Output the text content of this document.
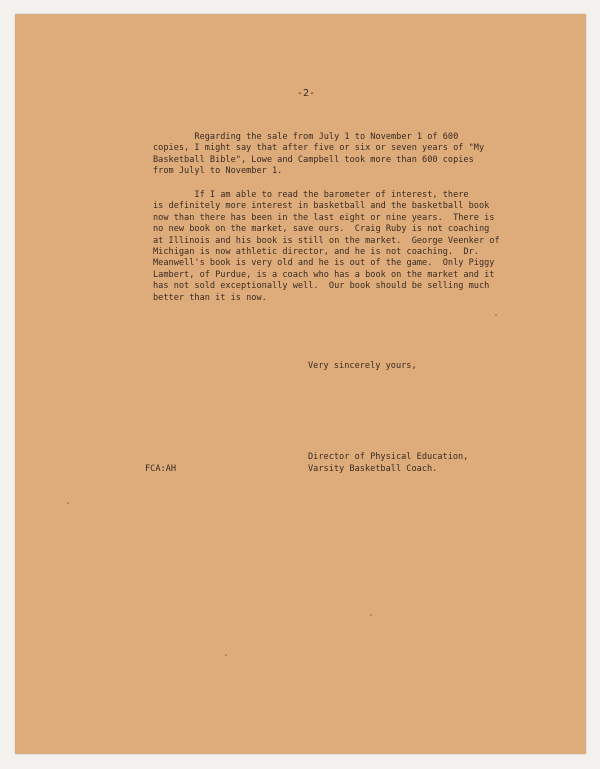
-2-
Regarding the sale from July 1 to November 1 of 600
copies, I might say that after five or six or seven years of "My
Basketball Bible", Lowe and Campbell took more than 600 copies
from Julyl to November 1.
If I am able to read the barometer of interest, there
is definitely more interest in basketball and the basketball book
now than there has been in the last eight or nine years.  There is
no new book on the market, save ours.  Craig Ruby is not coaching
at Illinois and his book is still on the market.  George Veenker of
Michigan is now athletic director, and he is not coaching.  Dr.
Meanwell's book is very old and he is out of the game.  Only Piggy
Lambert, of Purdue, is a coach who has a book on the market and it
has not sold exceptionally well.  Our book should be selling much
better than it is now.
Very sincerely yours,
Director of Physical Education,
Varsity Basketball Coach.
FCA:AH
